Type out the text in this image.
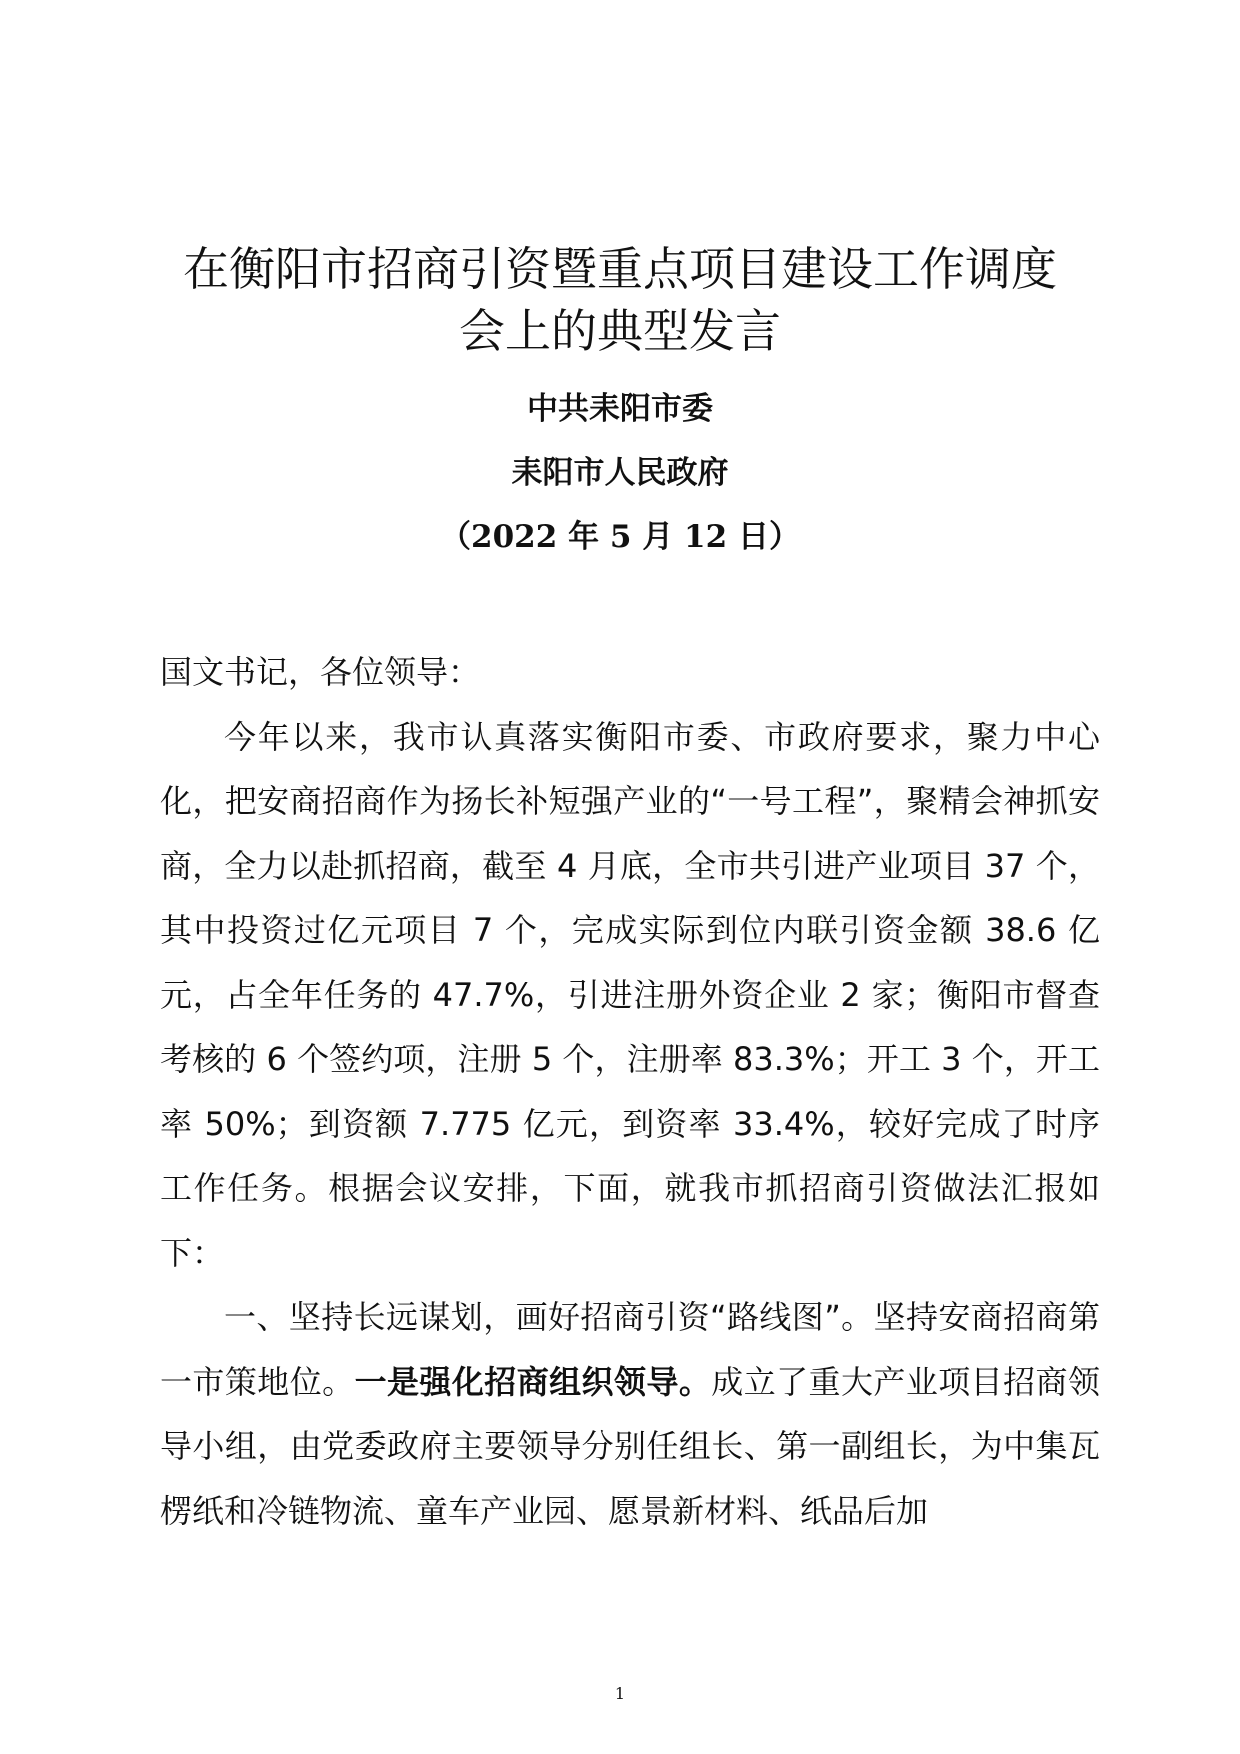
在衡阳市招商引资暨重点项目建设工作调度
会上的典型发言
中共耒阳市委
耒阳市人民政府
（2022 年 5 月 12 日）

国文书记，各位领导：

今年以来，我市认真落实衡阳市委、市政府要求，聚力中心化，把安商招商作为扬长补短强产业的“一号工程”，聚精会神抓安商，全力以赴抓招商，截至 4 月底，全市共引进产业项目 37 个，其中投资过亿元项目 7 个，完成实际到位内联引资金额 38.6 亿元，占全年任务的 47.7%，引进注册外资企业 2 家；衡阳市督查考核的 6 个签约项，注册 5 个，注册率 83.3%；开工 3 个，开工率 50%；到资额 7.775 亿元，到资率 33.4%，较好完成了时序工作任务。根据会议安排，下面，就我市抓招商引资做法汇报如下：

一、坚持长远谋划，画好招商引资“路线图”。坚持安商招商第一市策地位。一是强化招商组织领导。成立了重大产业项目招商领导小组，由党委政府主要领导分别任组长、第一副组长，为中集瓦楞纸和冷链物流、童车产业园、愿景新材料、纸品后加

1
